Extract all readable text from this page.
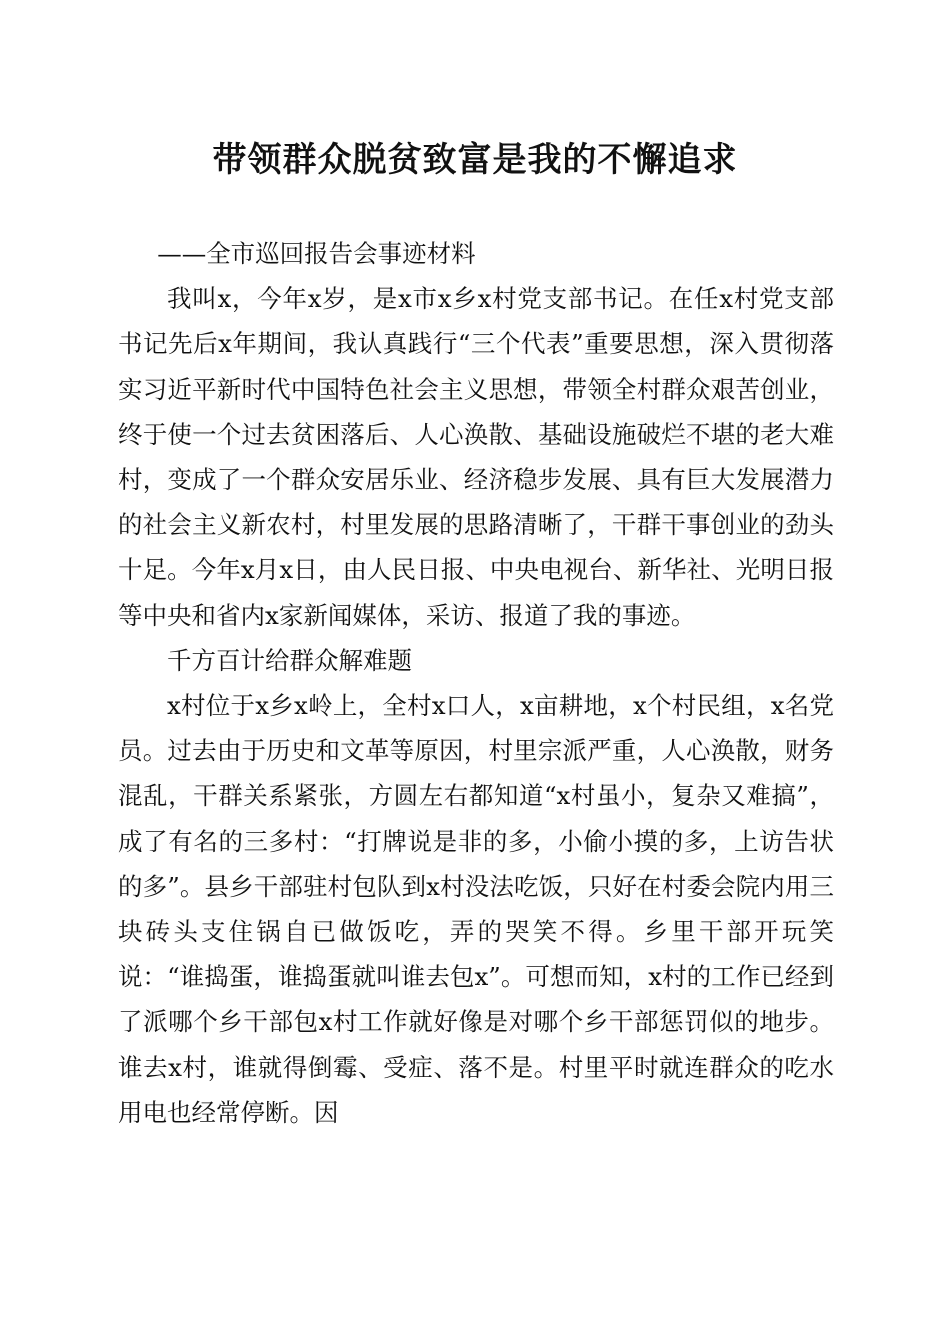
带领群众脱贫致富是我的不懈追求

——全市巡回报告会事迹材料

我叫x，今年x岁，是x市x乡x村党支部书记。在任x村党支部书记先后x年期间，我认真践行“三个代表”重要思想，深入贯彻落实习近平新时代中国特色社会主义思想，带领全村群众艰苦创业，终于使一个过去贫困落后、人心涣散、基础设施破烂不堪的老大难村，变成了一个群众安居乐业、经济稳步发展、具有巨大发展潜力的社会主义新农村，村里发展的思路清晰了，干群干事创业的劲头十足。今年x月x日，由人民日报、中央电视台、新华社、光明日报等中央和省内x家新闻媒体，采访、报道了我的事迹。

千方百计给群众解难题

x村位于x乡x岭上，全村x口人，x亩耕地，x个村民组，x名党员。过去由于历史和文革等原因，村里宗派严重，人心涣散，财务混乱，干群关系紧张，方圆左右都知道“x村虽小，复杂又难搞”，成了有名的三多村：“打牌说是非的多，小偷小摸的多，上访告状的多”。县乡干部驻村包队到x村没法吃饭，只好在村委会院内用三块砖头支住锅自已做饭吃，弄的哭笑不得。乡里干部开玩笑说：“谁捣蛋，谁捣蛋就叫谁去包x”。可想而知，x村的工作已经到了派哪个乡干部包x村工作就好像是对哪个乡干部惩罚似的地步。谁去x村，谁就得倒霉、受症、落不是。村里平时就连群众的吃水用电也经常停断。因
